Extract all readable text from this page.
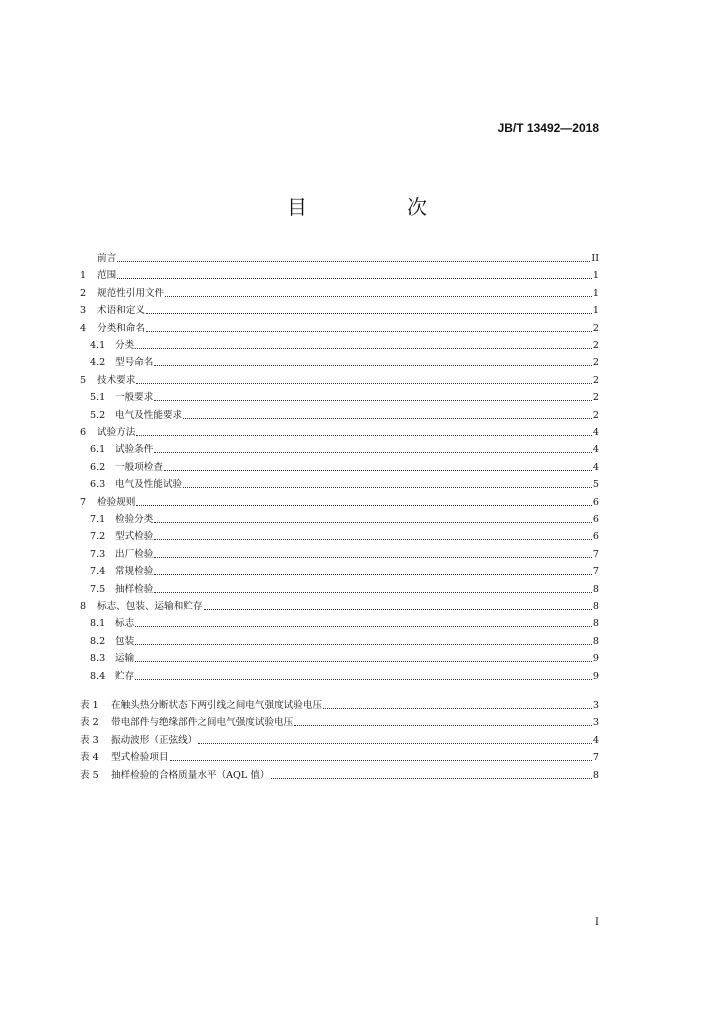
JB/T 13492—2018
目　次
前言	II
1	范围	1
2	规范性引用文件	1
3	术语和定义	1
4	分类和命名	2
4.1	分类	2
4.2	型号命名	2
5	技术要求	2
5.1	一般要求	2
5.2	电气及性能要求	2
6	试验方法	4
6.1	试验条件	4
6.2	一般项检查	4
6.3	电气及性能试验	5
7	检验规则	6
7.1	检验分类	6
7.2	型式检验	6
7.3	出厂检验	7
7.4	常规检验	7
7.5	抽样检验	8
8	标志、包装、运输和贮存	8
8.1	标志	8
8.2	包装	8
8.3	运输	9
8.4	贮存	9
表 1	在触头热分断状态下两引线之间电气强度试验电压	3
表 2	带电部件与绝缘部件之间电气强度试验电压	3
表 3	振动波形（正弦线）	4
表 4	型式检验项目	7
表 5	抽样检验的合格质量水平（AQL 值）	8
I
